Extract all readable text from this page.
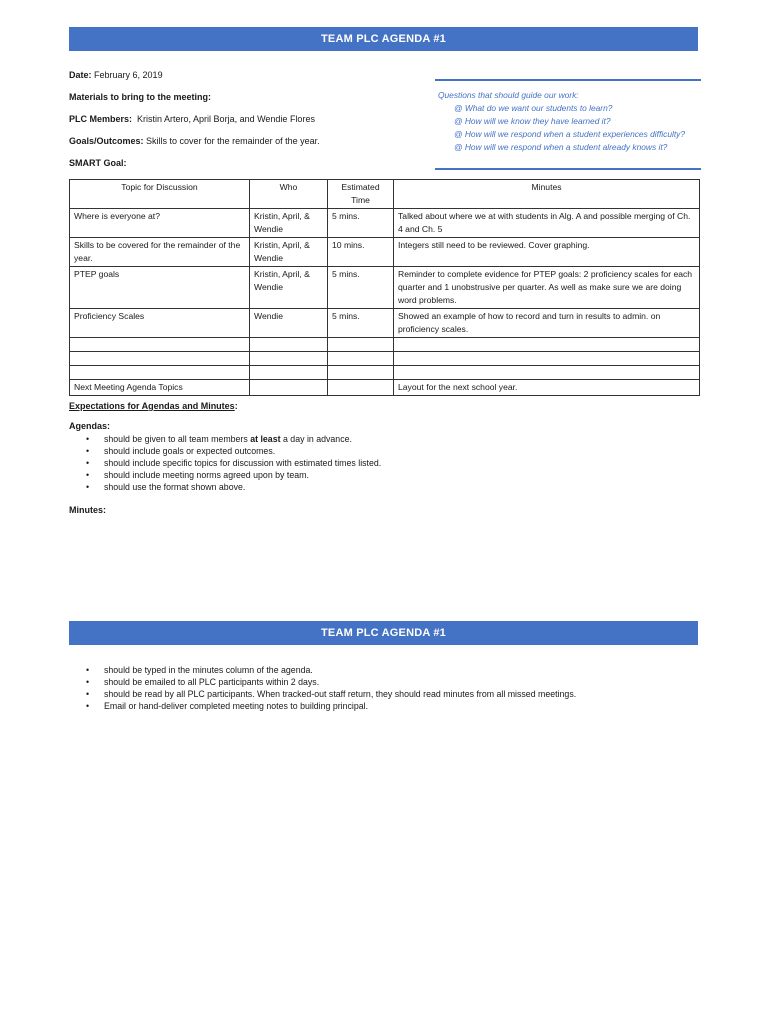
TEAM PLC AGENDA #1
Date: February 6, 2019
Materials to bring to the meeting:
PLC Members: Kristin Artero, April Borja, and Wendie Flores
Goals/Outcomes: Skills to cover for the remainder of the year.
SMART Goal:
Questions that should guide our work:
@ What do we want our students to learn?
@ How will we know they have learned it?
@ How will we respond when a student experiences difficulty?
@ How will we respond when a student already knows it?
Topic for Discussion	Who	Estimated Time	Minutes
Where is everyone at?	Kristin, April, & Wendie	5 mins.	Talked about where we at with students in Alg. A and possible merging of Ch. 4 and Ch. 5
Skills to be covered for the remainder of the year.	Kristin, April, & Wendie	10 mins.	Integers still need to be reviewed. Cover graphing.
PTEP goals	Kristin, April, & Wendie	5 mins.	Reminder to complete evidence for PTEP goals: 2 proficiency scales for each quarter and 1 unobstrusive per quarter. As well as make sure we are doing word problems.
Proficiency Scales	Wendie	5 mins.	Showed an example of how to record and turn in results to admin. on proficiency scales.

Next Meeting Agenda Topics			Layout for the next school year.
Expectations for Agendas and Minutes:
Agendas:
• should be given to all team members at least a day in advance.
• should include goals or expected outcomes.
• should include specific topics for discussion with estimated times listed.
• should include meeting norms agreed upon by team.
• should use the format shown above.
Minutes:
TEAM PLC AGENDA #1
• should be typed in the minutes column of the agenda.
• should be emailed to all PLC participants within 2 days.
• should be read by all PLC participants. When tracked-out staff return, they should read minutes from all missed meetings.
• Email or hand-deliver completed meeting notes to building principal.
